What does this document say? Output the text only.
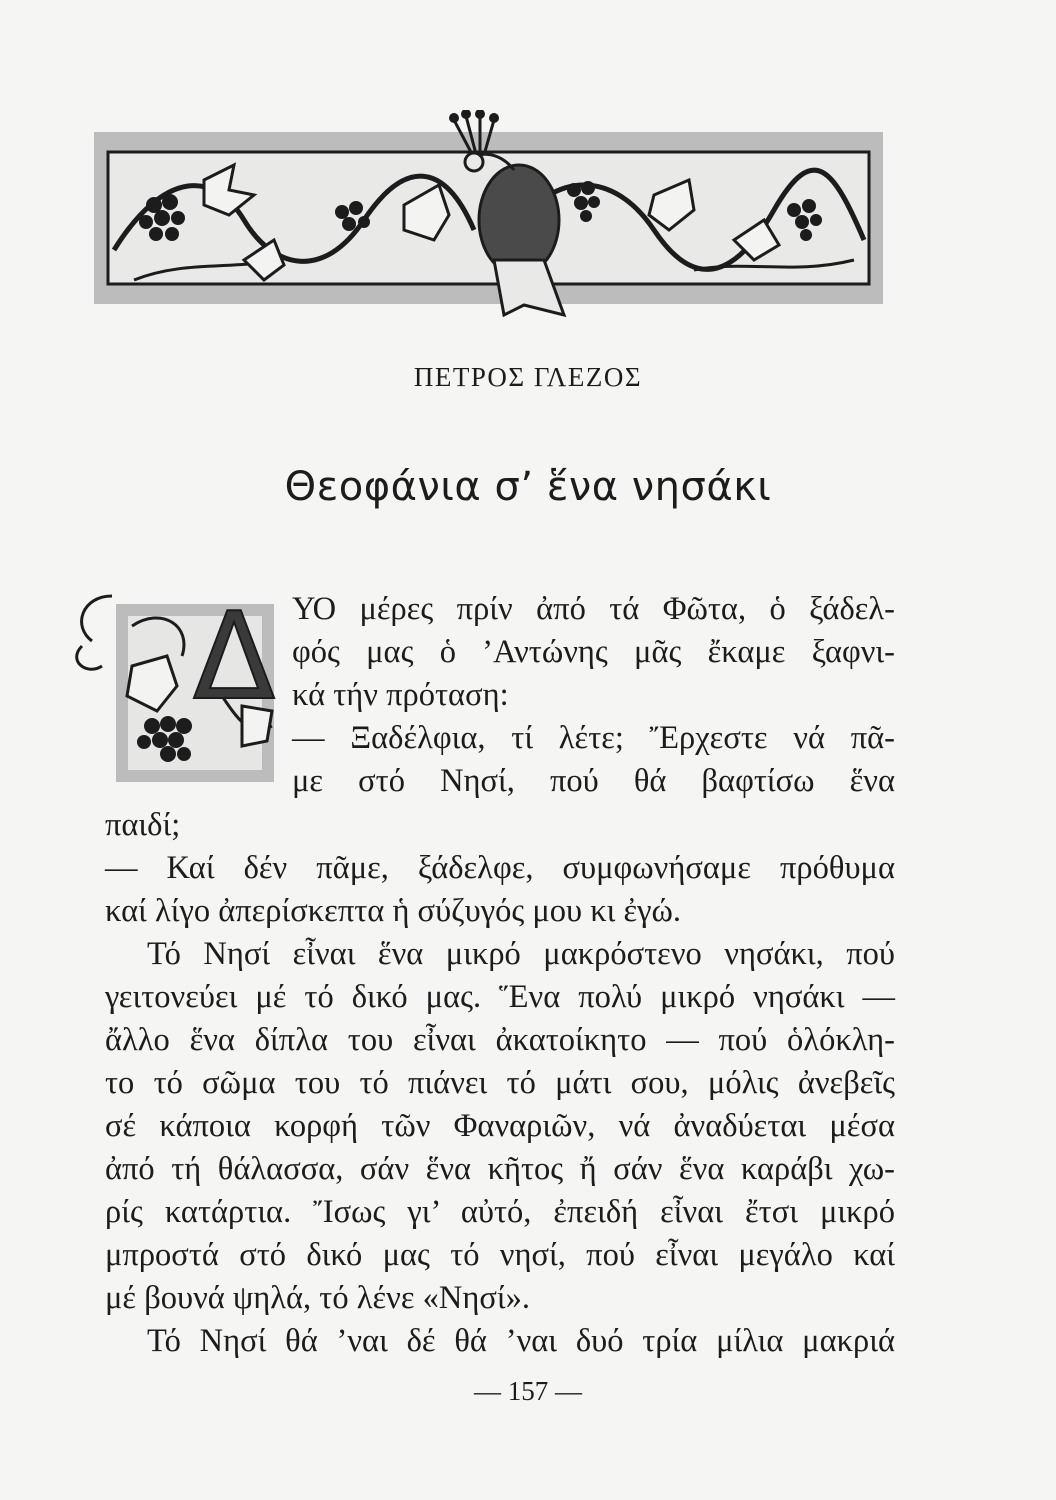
ΠΕΤΡΟΣ ΓΛΕΖΟΣ
Θεοφάνια σ’ ἕνα νησάκι
Δ ΥΟ μέρες πρίν ἀπό τά Φῶτα, ὁ ξάδελ-
φός μας ὁ ’Αντώνης μᾶς ἔκαμε ξαφνι-
κά τήν πρόταση:
— Ξαδέλφια, τί λέτε; Ἔρχεστε νά πᾶ-
με στό Νησί, πού θά βαφτίσω ἕνα
παιδί;
— Καί δέν πᾶμε, ξάδελφε, συμφωνήσαμε πρόθυμα
καί λίγο ἀπερίσκεπτα ἡ σύζυγός μου κι ἐγώ.
Τό Νησί εἶναι ἕνα μικρό μακρόστενο νησάκι, πού
γειτονεύει μέ τό δικό μας. Ἕνα πολύ μικρό νησάκι —
ἄλλο ἕνα δίπλα του εἶναι ἀκατοίκητο — πού ὁλόκλη-
το τό σῶμα του τό πιάνει τό μάτι σου, μόλις ἀνεβεῖς
σέ κάποια κορφή τῶν Φαναριῶν, νά ἀναδύεται μέσα
ἀπό τή θάλασσα, σάν ἕνα κῆτος ἤ σάν ἕνα καράβι χω-
ρίς κατάρτια. Ἴσως γι’ αὐτό, ἐπειδή εἶναι ἔτσι μικρό
μπροστά στό δικό μας τό νησί, πού εἶναι μεγάλο καί
μέ βουνά ψηλά, τό λένε «Νησί».
Τό Νησί θά ’ναι δέ θά ’ναι δυό τρία μίλια μακριά
— 157 —
